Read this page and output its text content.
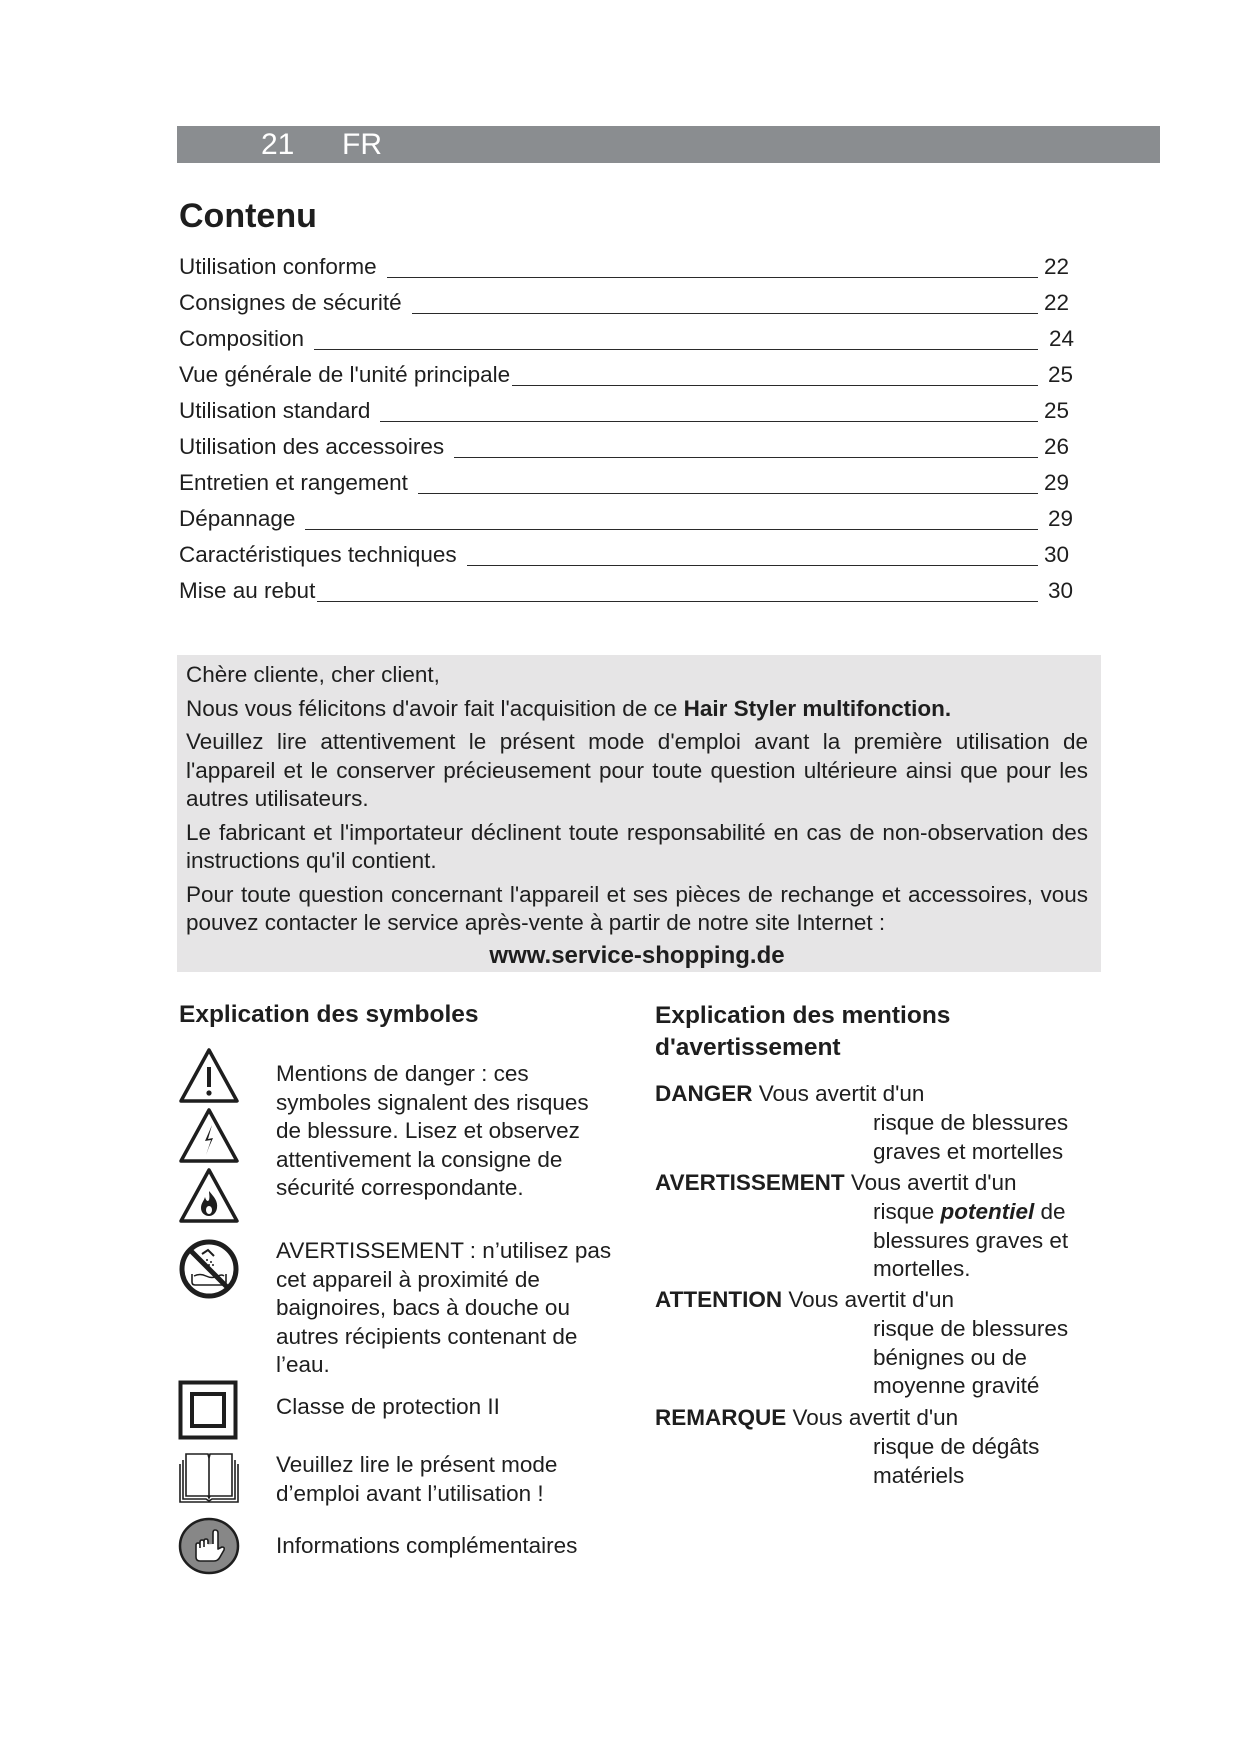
21 FR
Contenu
Utilisation conforme	22
Consignes de sécurité	22
Composition	24
Vue générale de l'unité principale	25
Utilisation standard	25
Utilisation des accessoires	26
Entretien et rangement	29
Dépannage	29
Caractéristiques techniques	30
Mise au rebut	30

Chère cliente, cher client,

Nous vous félicitons d'avoir fait l'acquisition de ce Hair Styler multifonction.

Veuillez lire attentivement le présent mode d'emploi avant la première utilisation de l'appareil et le conserver précieusement pour toute question ultérieure ainsi que pour les autres utilisateurs.

Le fabricant et l'importateur déclinent toute responsabilité en cas de non-observation des instructions qu'il contient.

Pour toute question concernant l'appareil et ses pièces de rechange et accessoires, vous pouvez contacter le service après-vente à partir de notre site Internet :

www.service-shopping.de

Explication des symboles
Mentions de danger : ces symboles signalent des risques de blessure. Lisez et observez attentivement la consigne de sécurité correspondante.
AVERTISSEMENT : n’utilisez pas cet appareil à proximité de baignoires, bacs à douche ou autres récipients contenant de l’eau.
Classe de protection II
Veuillez lire le présent mode d’emploi avant l’utilisation !
Informations complémentaires
Explication des mentions d'avertissement
DANGER Vous avertit d'un
risque de blessures
graves et mortelles
AVERTISSEMENT Vous avertit d'un
risque potentiel de
blessures graves et
mortelles.
ATTENTION Vous avertit d'un
risque de blessures
bénignes ou de
moyenne gravité
REMARQUE Vous avertit d'un
risque de dégâts
matériels
